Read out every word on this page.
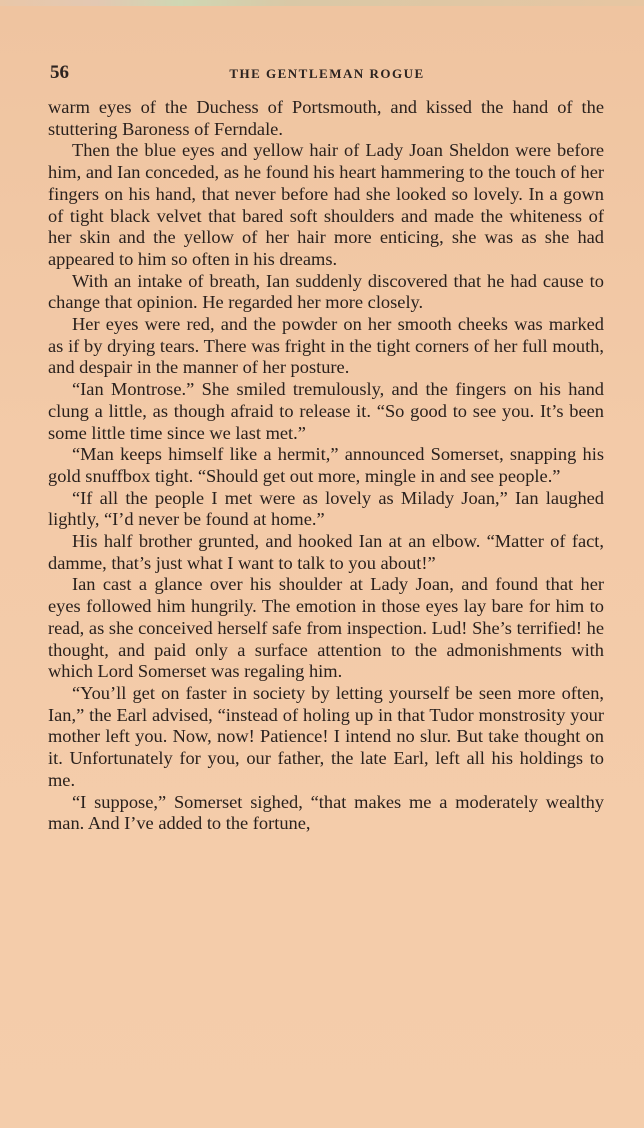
56	THE GENTLEMAN ROGUE

warm eyes of the Duchess of Portsmouth, and kissed the hand of the stuttering Baroness of Ferndale.

Then the blue eyes and yellow hair of Lady Joan Sheldon were before him, and Ian conceded, as he found his heart hammering to the touch of her fingers on his hand, that never before had she looked so lovely. In a gown of tight black velvet that bared soft shoulders and made the whiteness of her skin and the yellow of her hair more enticing, she was as she had appeared to him so often in his dreams.

With an intake of breath, Ian suddenly discovered that he had cause to change that opinion. He regarded her more closely.

Her eyes were red, and the powder on her smooth cheeks was marked as if by drying tears. There was fright in the tight corners of her full mouth, and despair in the manner of her posture.

“Ian Montrose.” She smiled tremulously, and the fingers on his hand clung a little, as though afraid to release it. “So good to see you. It’s been some little time since we last met.”

“Man keeps himself like a hermit,” announced Somerset, snapping his gold snuffbox tight. “Should get out more, mingle in and see people.”

“If all the people I met were as lovely as Milady Joan,” Ian laughed lightly, “I’d never be found at home.”

His half brother grunted, and hooked Ian at an elbow. “Matter of fact, damme, that’s just what I want to talk to you about!”

Ian cast a glance over his shoulder at Lady Joan, and found that her eyes followed him hungrily. The emotion in those eyes lay bare for him to read, as she conceived herself safe from inspection. Lud! She’s terrified! he thought, and paid only a surface attention to the admonishments with which Lord Somerset was regaling him.

“You’ll get on faster in society by letting yourself be seen more often, Ian,” the Earl advised, “instead of holing up in that Tudor monstrosity your mother left you. Now, now! Patience! I intend no slur. But take thought on it. Unfortunately for you, our father, the late Earl, left all his holdings to me.

“I suppose,” Somerset sighed, “that makes me a moderately wealthy man. And I’ve added to the fortune,
